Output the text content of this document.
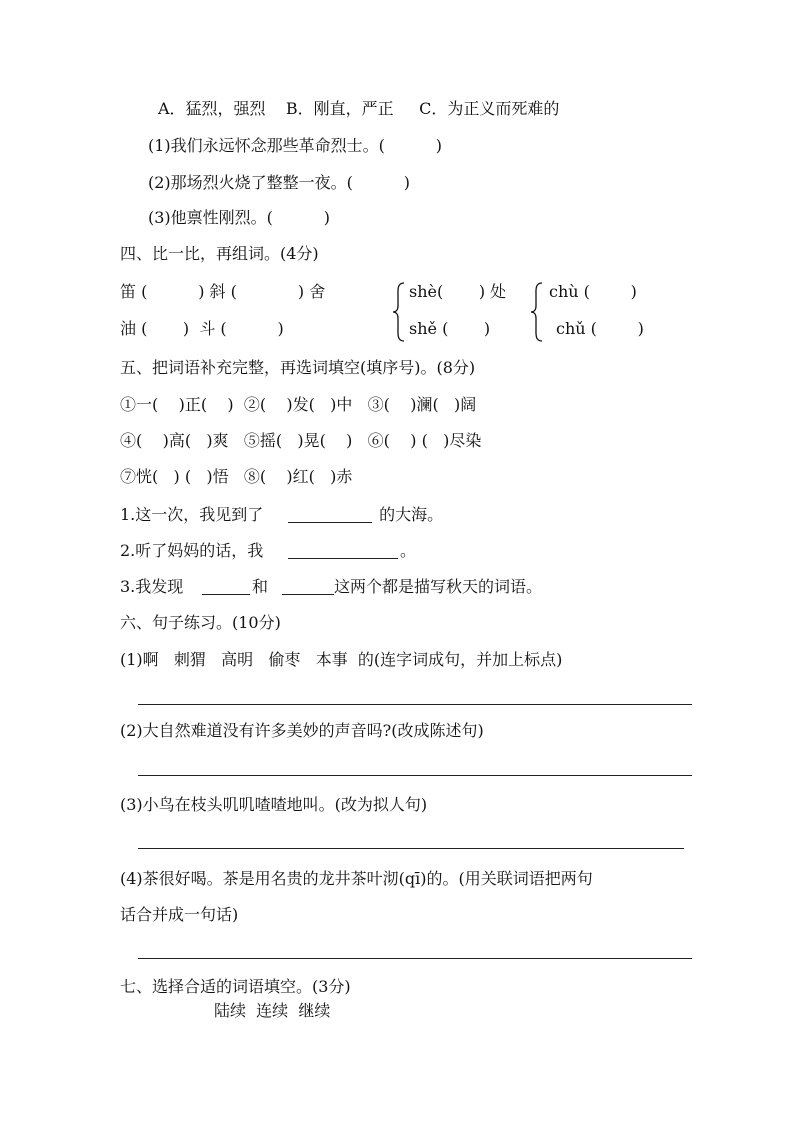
A．猛烈，强烈    B．刚直，严正     C．为正义而死难的
(1)我们永远怀念那些革命烈士。(          )
(2)那场烈火烧了整整一夜。(          )
(3)他禀性刚烈。(          )
四、比一比，再组词。(4分)
笛 (          ) 斜 (            ) 舍
油 (       )  斗 (          )
shè(       ) 处
shě (       )
chù (        )
chǔ (        )
五、把词语补充完整，再选词填空(填序号)。(8分)
①一(    )正(    )  ②(    )发(   )中   ③(    )澜(   )阔
④(    )高(   )爽   ⑤摇(   )晃(    )   ⑥(    ) (   )尽染
⑦恍(   ) (   )悟   ⑧(    )红(   )赤
1.这一次，我见到了	的大海。
2.听了妈妈的话，我	。
3.我发现	和	这两个都是描写秋天的词语。
六、句子练习。(10分)
(1)啊   刺猬   高明   偷枣   本事  的(连字词成句，并加上标点)
(2)大自然难道没有许多美妙的声音吗?(改成陈述句)
(3)小鸟在枝头叽叽喳喳地叫。(改为拟人句)
(4)茶很好喝。茶是用名贵的龙井茶叶沏(qī)的。(用关联词语把两句
话合并成一句话)
七、选择合适的词语填空。(3分)
陆续  连续  继续
